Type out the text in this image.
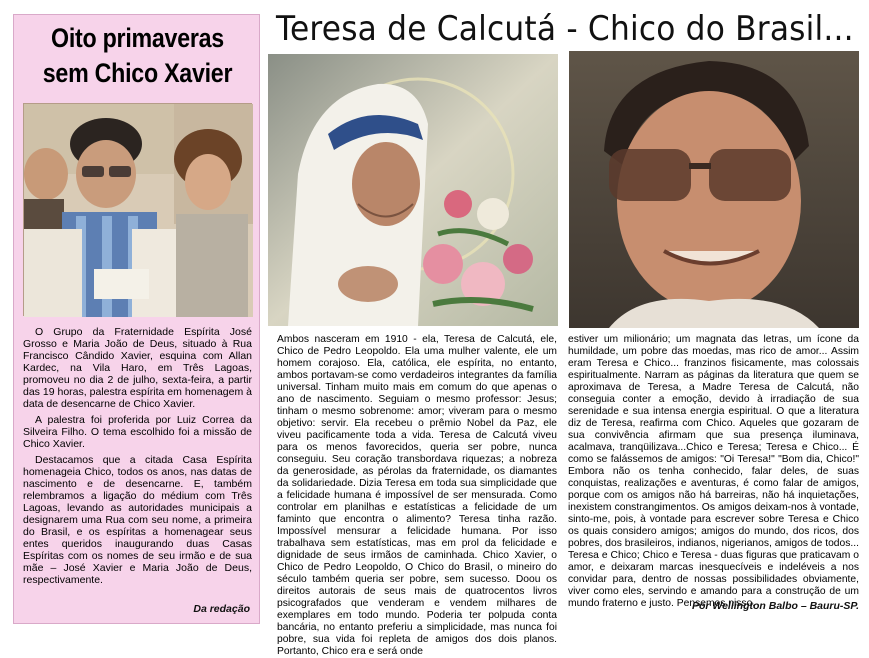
Oito primaveras
sem Chico Xavier

O Grupo da Fraternidade Espírita José Grosso e Maria João de Deus, situado à Rua Francisco Cândido Xavier, esquina com Allan Kardec, na Vila Haro, em Três Lagoas, promoveu no dia 2 de julho, sexta-feira, a partir das 19 horas, palestra espírita em homenagem à data de desencarne de Chico Xavier.

A palestra foi proferida por Luiz Correa da Silveira Filho. O tema escolhido foi a missão de Chico Xavier.

Destacamos que a citada Casa Espírita homenageia Chico, todos os anos, nas datas de nascimento e de desencarne. E, também relembramos a ligação do médium com Três Lagoas, levando as autoridades municipais a designarem uma Rua com seu nome, a primeira do Brasil, e os espíritas a homenagear seus entes queridos inaugurando duas Casas Espíritas com os nomes de seu irmão e de sua mãe – José Xavier e Maria João de Deus, respectivamente.

Da redação
Teresa de Calcutá - Chico do Brasil...
Ambos nasceram em 1910 - ela, Teresa de Calcutá, ele, Chico de Pedro Leopoldo. Ela uma mulher valente, ele um homem corajoso. Ela, católica, ele espírita, no entanto, ambos portavam-se como verdadeiros integrantes da família universal. Tinham muito mais em comum do que apenas o ano de nascimento. Seguiam o mesmo professor: Jesus; tinham o mesmo sobrenome: amor; viveram para o mesmo objetivo: servir. Ela recebeu o prêmio Nobel da Paz, ele viveu pacificamente toda a vida. Teresa de Calcutá viveu para os menos favorecidos, queria ser pobre, nunca conseguiu. Seu coração transbordava riquezas; a nobreza da generosidade, as pérolas da fraternidade, os diamantes da solidariedade. Dizia Teresa em toda sua simplicidade que a felicidade humana é impossível de ser mensurada. Como controlar em planilhas e estatísticas a felicidade de um faminto que encontra o alimento? Teresa tinha razão. Impossível mensurar a felicidade humana. Por isso trabalhava sem estatísticas, mas em prol da felicidade e dignidade de seus irmãos de caminhada. Chico Xavier, o Chico de Pedro Leopoldo, O Chico do Brasil, o mineiro do século também queria ser pobre, sem sucesso. Doou os direitos autorais de seus mais de quatrocentos livros psicografados que venderam e vendem milhares de exemplares em todo mundo. Poderia ter polpuda conta bancária, no entanto preferiu a simplicidade, mas nunca foi pobre, sua vida foi repleta de amigos dos dois planos. Portanto, Chico era e será onde
estiver um milionário; um magnata das letras, um ícone da humildade, um pobre das moedas, mas rico de amor... Assim eram Teresa e Chico... franzinos fisicamente, mas colossais espiritualmente. Narram as páginas da literatura que quem se aproximava de Teresa, a Madre Teresa de Calcutá, não conseguia conter a emoção, devido à irradiação de sua serenidade e sua intensa energia espiritual. O que a literatura diz de Teresa, reafirma com Chico. Aqueles que gozaram de sua convivência afirmam que sua presença iluminava, acalmava, tranqüilizava...Chico e Teresa; Teresa e Chico... É como se falássemos de amigos: "Oi Teresa!" "Bom dia, Chico!" Embora não os tenha conhecido, falar deles, de suas conquistas, realizações e aventuras, é como falar de amigos, porque com os amigos não há barreiras, não há inquietações, inexistem constrangimentos. Os amigos deixam-nos à vontade, sinto-me, pois, à vontade para escrever sobre Teresa e Chico os quais considero amigos; amigos do mundo, dos ricos, dos pobres, dos brasileiros, indianos, nigerianos, amigos de todos... Teresa e Chico; Chico e Teresa - duas figuras que praticavam o amor, e deixaram marcas inesquecíveis e indeléveis a nos convidar para, dentro de nossas possibilidades obviamente, viver como eles, servindo e amando para a construção de um mundo fraterno e justo. Pensemos nisso.
Por Wellington Balbo – Bauru-SP.
